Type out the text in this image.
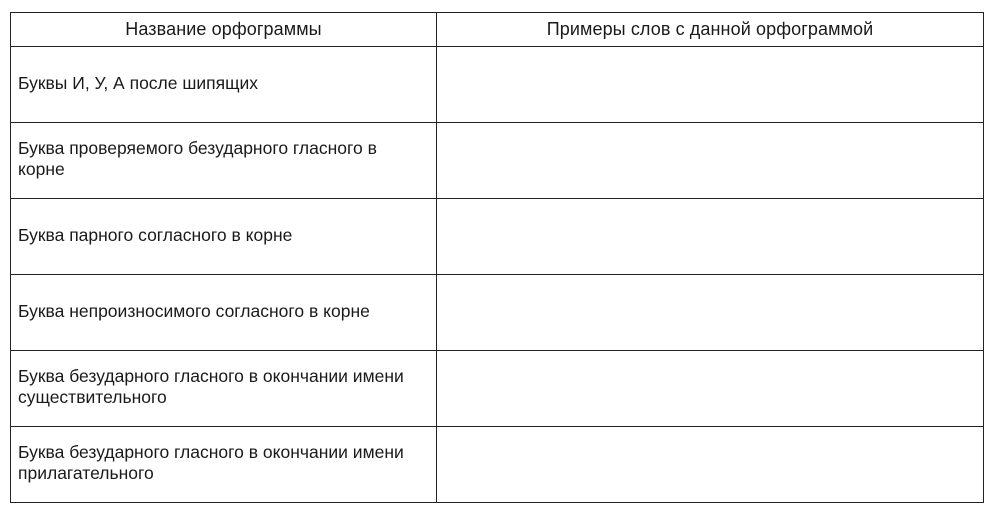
Название орфограммы	Примеры слов с данной орфограммой

Буквы И, У, А после шипящих	

Буква проверяемого безударного гласного в корне	

Буква парного согласного в корне	

Буква непроизносимого согласного в корне	

Буква безударного гласного в окончании имени существительного	

Буква безударного гласного в окончании имени прилагательного	
